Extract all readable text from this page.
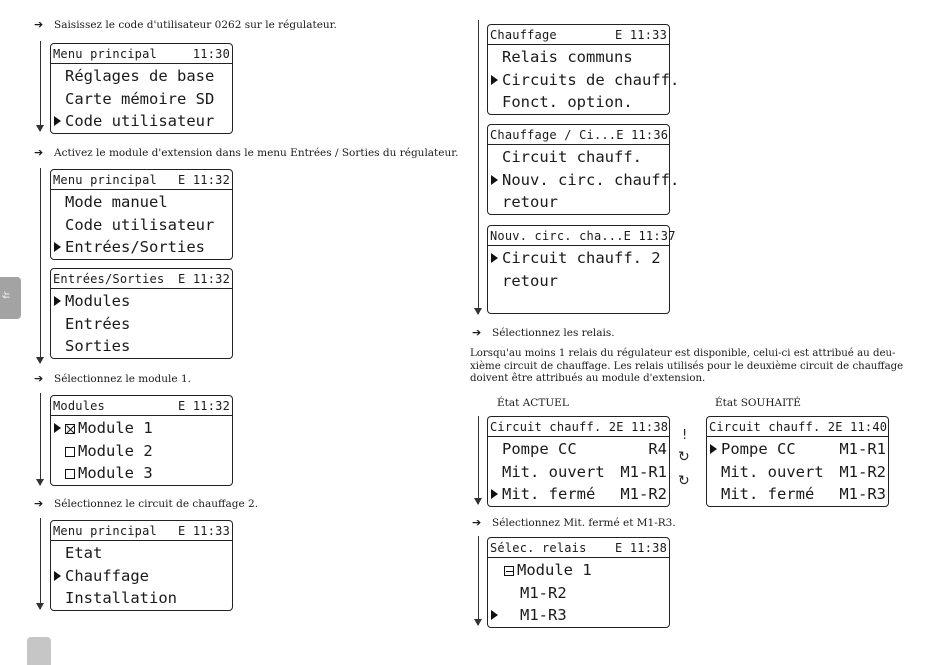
fr
➔ Saisissez le code d'utilisateur 0262 sur le régulateur.
Menu principal	11:30
Réglages de base
Carte mémoire SD
Code utilisateur
➔ Activez le module d'extension dans le menu Entrées / Sorties du régulateur.
Menu principal E 11:32
Mode manuel
Code utilisateur
Entrées/Sorties
Entrées/Sorties E 11:32
Modules
Entrées
Sorties
➔ Sélectionnez le module 1.
Modules	E 11:32
Module 1
Module 2
Module 3
➔ Sélectionnez le circuit de chauffage 2.
Menu principal E 11:33
Etat
Chauffage
Installation
Chauffage	E 11:33
Relais communs
Circuits de chauff.
Fonct. option.
Chauffage / Ci... E 11:36
Circuit chauff.
Nouv. circ. chauff.
retour
Nouv. circ. cha... E 11:37
Circuit chauff. 2
retour
➔ Sélectionnez les relais.
Lorsqu'au moins 1 relais du régulateur est disponible, celui-ci est attribué au deu-
xième circuit de chauffage. Les relais utilisés pour le deuxième circuit de chauffage
doivent être attribués au module d'extension.
État ACTUEL	État SOUHAITÉ
Circuit chauff. 2 E 11:38
Pompe CC	R4
Mit. ouvert M1-R1
Mit. fermé M1-R2
!
↻
↻
Circuit chauff. 2 E 11:40
Pompe CC	M1-R1
Mit. ouvert M1-R2
Mit. fermé M1-R3
➔ Sélectionnez Mit. fermé et M1-R3.
Sélec. relais E 11:38
Module 1
M1-R2
M1-R3
